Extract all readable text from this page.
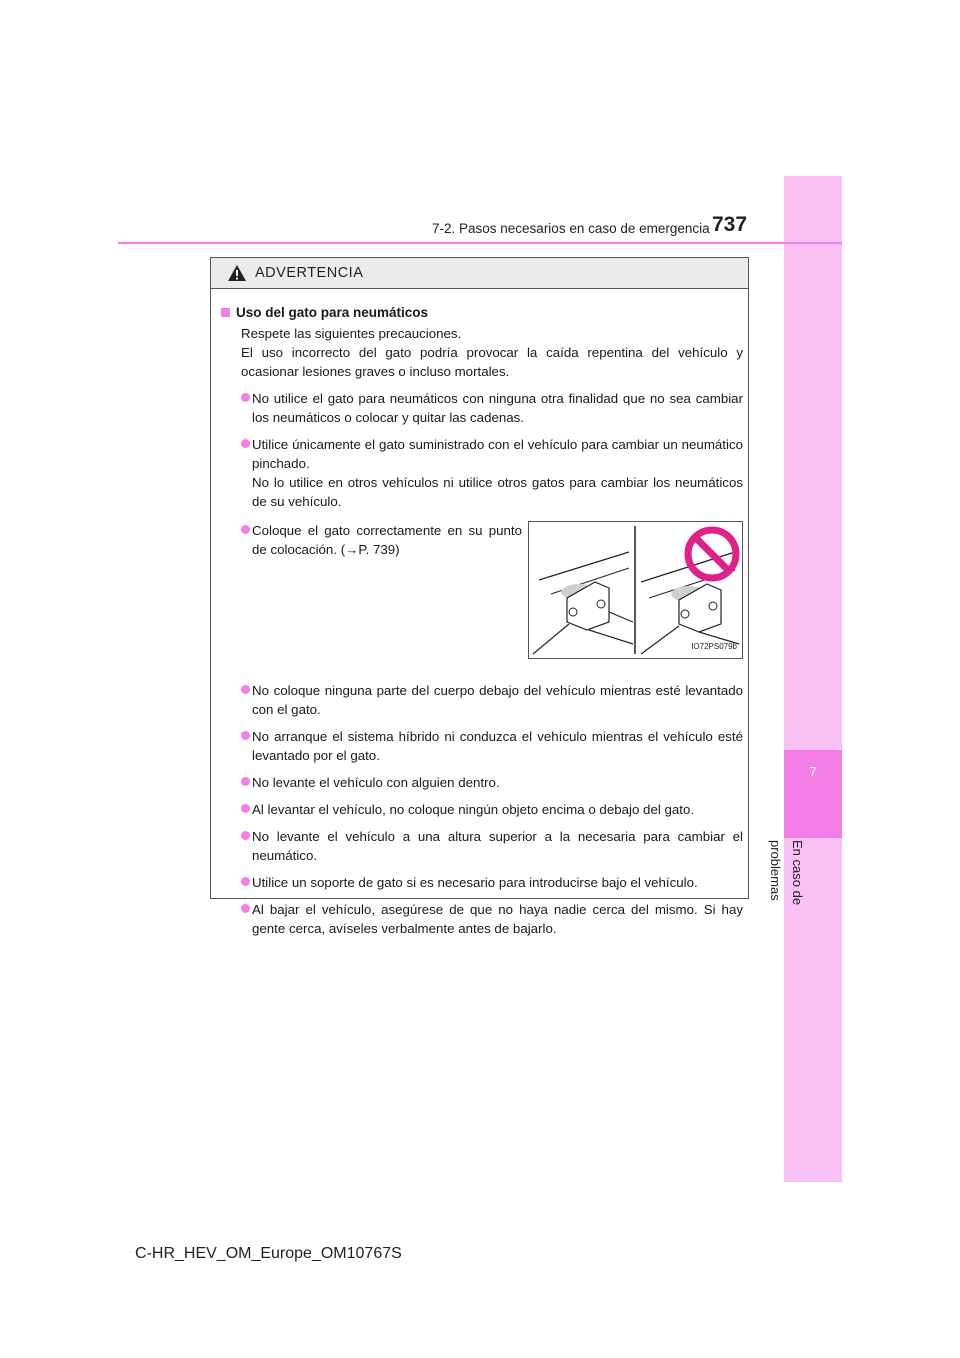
7
En caso de problemas
7-2. Pasos necesarios en caso de emergencia 737
ADVERTENCIA
Uso del gato para neumáticos

Respete las siguientes precauciones.

El uso incorrecto del gato podría provocar la caída repentina del vehículo y ocasionar lesiones graves o incluso mortales.

No utilice el gato para neumáticos con ninguna otra finalidad que no sea cambiar los neumáticos o colocar y quitar las cadenas.

Utilice únicamente el gato suministrado con el vehículo para cambiar un neumático pinchado.

No lo utilice en otros vehículos ni utilice otros gatos para cambiar los neumáticos de su vehículo.

Coloque el gato correctamente en su punto de colocación. (→P. 739)

IO72PS079b

No coloque ninguna parte del cuerpo debajo del vehículo mientras esté levantado con el gato.

No arranque el sistema híbrido ni conduzca el vehículo mientras el vehículo esté levantado por el gato.

No levante el vehículo con alguien dentro.

Al levantar el vehículo, no coloque ningún objeto encima o debajo del gato.

No levante el vehículo a una altura superior a la necesaria para cambiar el neumático.

Utilice un soporte de gato si es necesario para introducirse bajo el vehículo.

Al bajar el vehículo, asegúrese de que no haya nadie cerca del mismo. Si hay gente cerca, avíseles verbalmente antes de bajarlo.

C-HR_HEV_OM_Europe_OM10767S
